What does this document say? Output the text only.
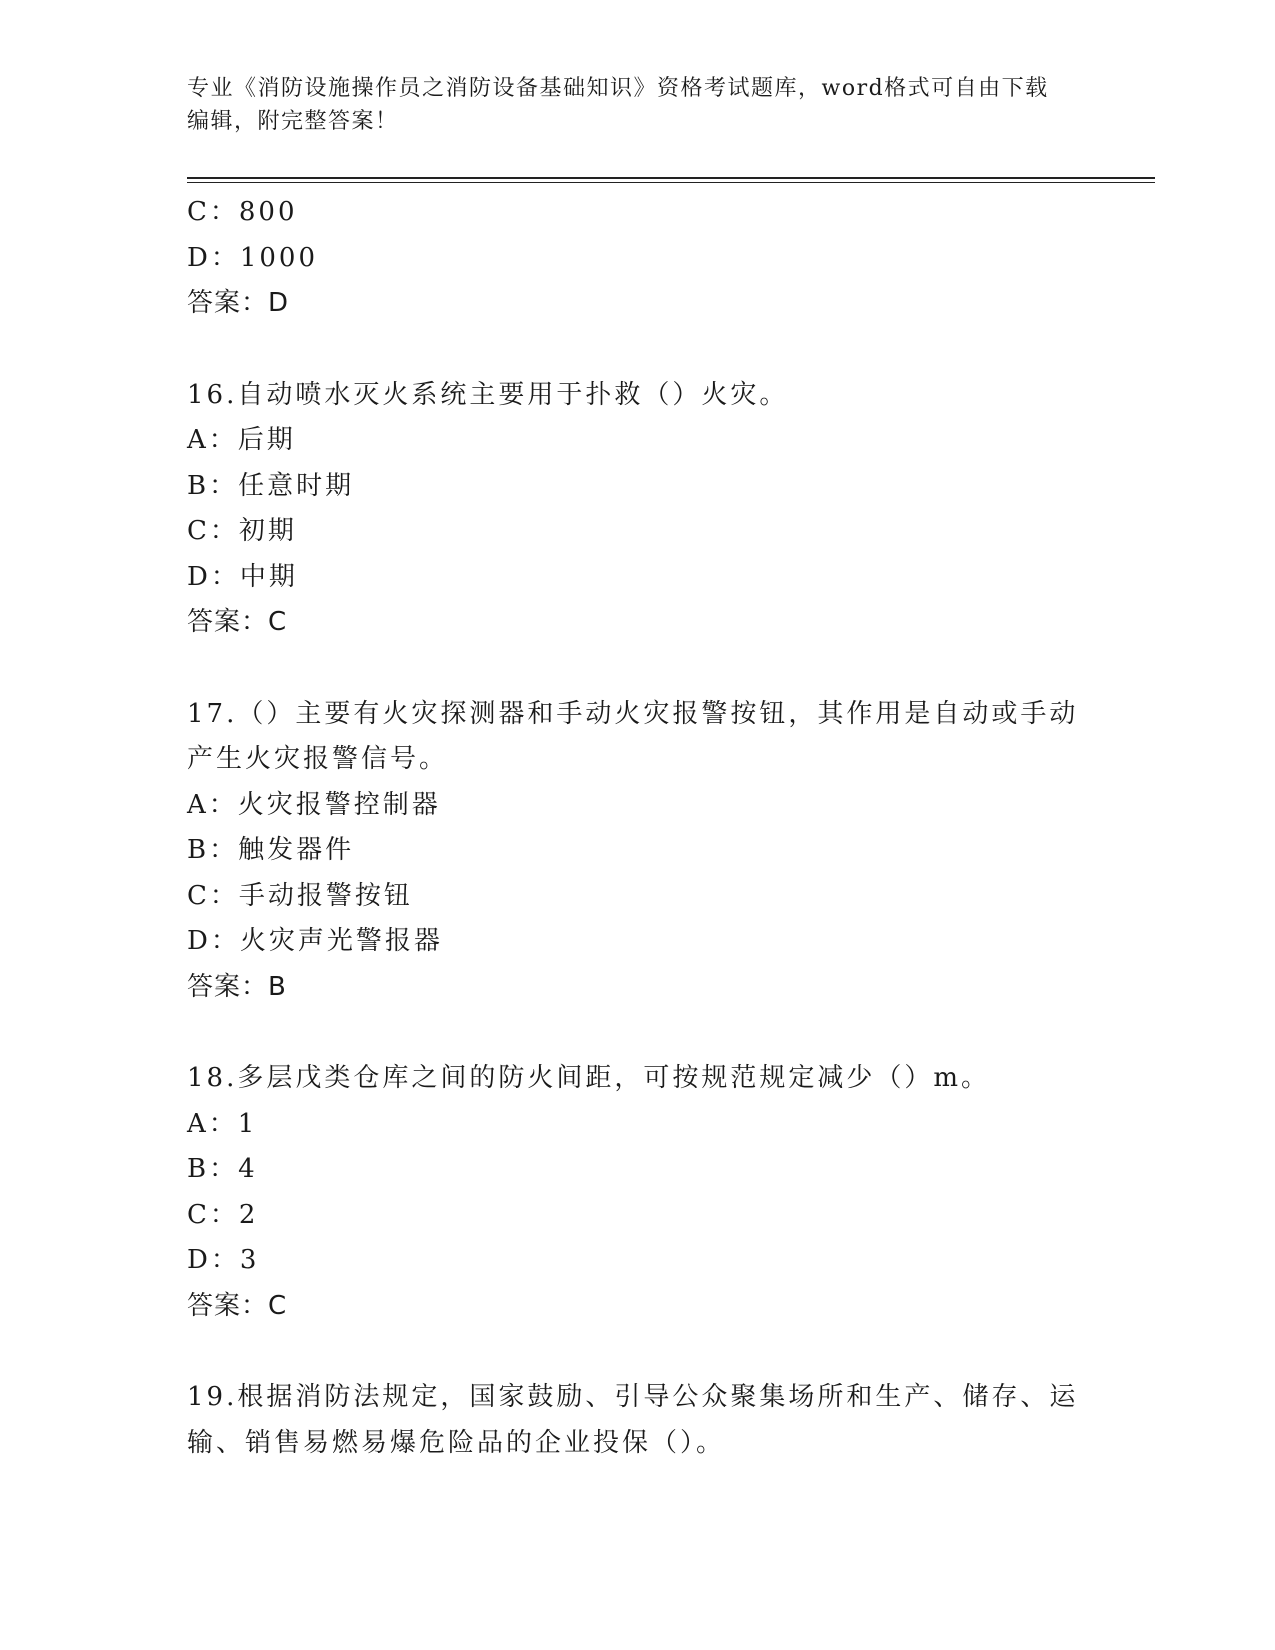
专业《消防设施操作员之消防设备基础知识》资格考试题库，word格式可自由下载编辑，附完整答案！
C：800
D：1000
答案：D
16.自动喷水灭火系统主要用于扑救（）火灾。
A：后期
B：任意时期
C：初期
D：中期
答案：C
17.（）主要有火灾探测器和手动火灾报警按钮，其作用是自动或手动产生火灾报警信号。
A：火灾报警控制器
B：触发器件
C：手动报警按钮
D：火灾声光警报器
答案：B
18.多层戊类仓库之间的防火间距，可按规范规定减少（）m。
A：1
B：4
C：2
D：3
答案：C
19.根据消防法规定，国家鼓励、引导公众聚集场所和生产、储存、运输、销售易燃易爆危险品的企业投保（）。
